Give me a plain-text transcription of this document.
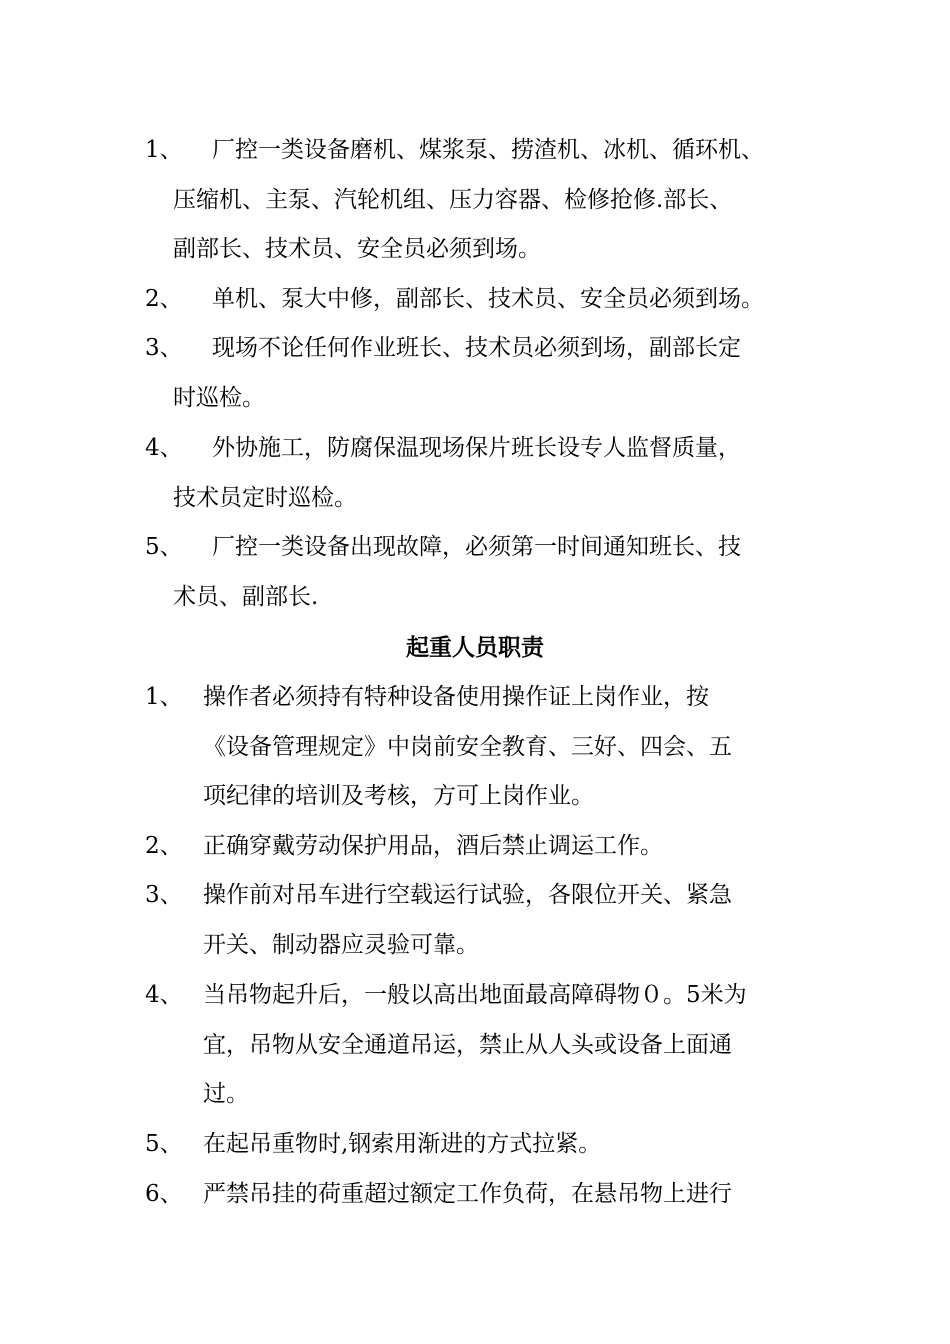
1、 厂控一类设备磨机、煤浆泵、捞渣机、冰机、循环机、
压缩机、主泵、汽轮机组、压力容器、检修抢修.部长、
副部长、技术员、安全员必须到场。
2、 单机、泵大中修，副部长、技术员、安全员必须到场。
3、 现场不论任何作业班长、技术员必须到场，副部长定
时巡检。
4、 外协施工，防腐保温现场保片班长设专人监督质量，
技术员定时巡检。
5、 厂控一类设备出现故障，必须第一时间通知班长、技
术员、副部长.
起重人员职责
1、 操作者必须持有特种设备使用操作证上岗作业，按
《设备管理规定》中岗前安全教育、三好、四会、五
项纪律的培训及考核，方可上岗作业。
2、 正确穿戴劳动保护用品，酒后禁止调运工作。
3、 操作前对吊车进行空载运行试验，各限位开关、紧急
开关、制动器应灵验可靠。
4、 当吊物起升后，一般以高出地面最高障碍物０。5米为
宜，吊物从安全通道吊运，禁止从人头或设备上面通
过。
5、 在起吊重物时,钢索用渐进的方式拉紧。
6、 严禁吊挂的荷重超过额定工作负荷，在悬吊物上进行
